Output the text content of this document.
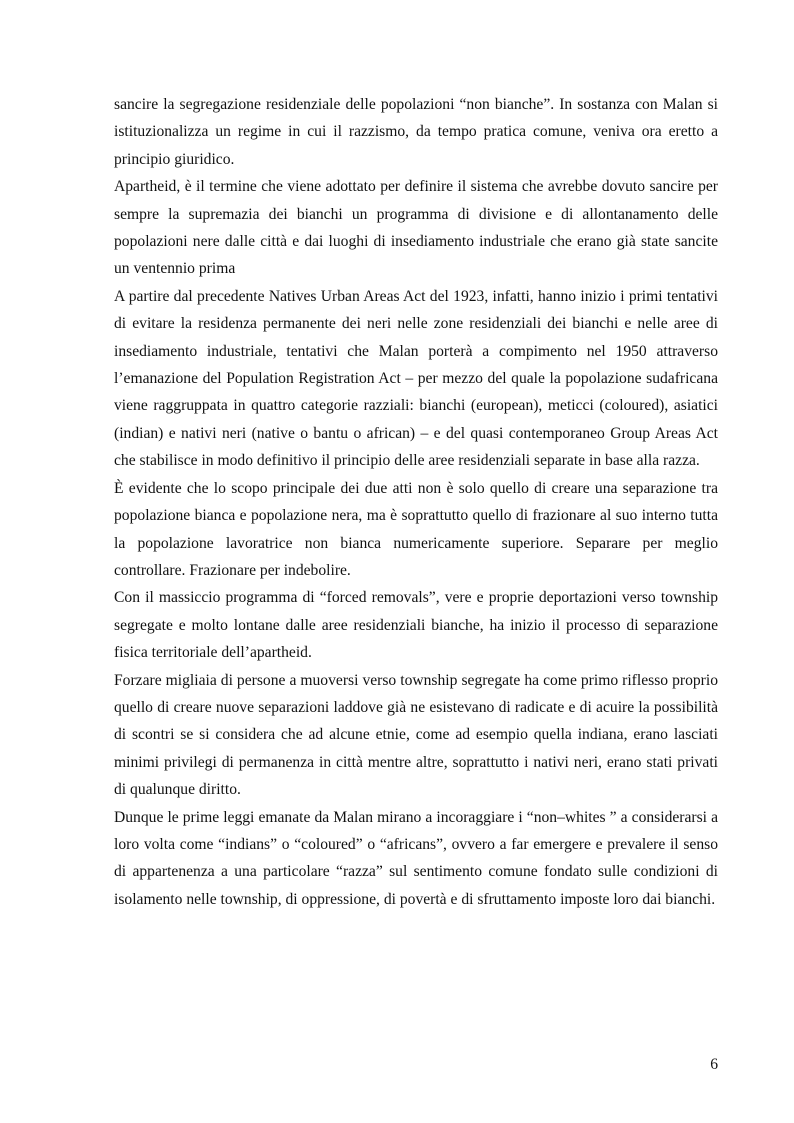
sancire la segregazione residenziale delle popolazioni “non bianche”. In sostanza con Malan si istituzionalizza un regime in cui il razzismo, da tempo pratica comune, veniva ora eretto a principio giuridico.

Apartheid, è il termine che viene adottato per definire il sistema che avrebbe dovuto sancire per sempre la supremazia dei bianchi un programma di divisione e di allontanamento delle popolazioni nere dalle città e dai luoghi di insediamento industriale che erano già state sancite un ventennio prima

A partire dal precedente Natives Urban Areas Act del 1923, infatti, hanno inizio i primi tentativi di evitare la residenza permanente dei neri nelle zone residenziali dei bianchi e nelle aree di insediamento industriale, tentativi che Malan porterà a compimento nel 1950 attraverso l’emanazione del Population Registration Act – per mezzo del quale la popolazione sudafricana viene raggruppata in quattro categorie razziali: bianchi (european), meticci (coloured), asiatici (indian) e nativi neri (native o bantu o african) – e del quasi contemporaneo Group Areas Act che stabilisce in modo definitivo il principio delle aree residenziali separate in base alla razza.

È evidente che lo scopo principale dei due atti non è solo quello di creare una separazione tra popolazione bianca e popolazione nera, ma è soprattutto quello di frazionare al suo interno tutta la popolazione lavoratrice non bianca numericamente superiore. Separare per meglio controllare. Frazionare per indebolire.

Con il massiccio programma di “forced removals”, vere e proprie deportazioni verso township segregate e molto lontane dalle aree residenziali bianche, ha inizio il processo di separazione fisica territoriale dell’apartheid.

Forzare migliaia di persone a muoversi verso township segregate ha come primo riflesso proprio quello di creare nuove separazioni laddove già ne esistevano di radicate e di acuire la possibilità di scontri se si considera che ad alcune etnie, come ad esempio quella indiana, erano lasciati minimi privilegi di permanenza in città mentre altre, soprattutto i nativi neri, erano stati privati di qualunque diritto.

Dunque le prime leggi emanate da Malan mirano a incoraggiare i “non–whites ” a considerarsi a loro volta come “indians” o “coloured” o “africans”, ovvero a far emergere e prevalere il senso di appartenenza a una particolare “razza” sul sentimento comune fondato sulle condizioni di isolamento nelle township, di oppressione, di povertà e di sfruttamento imposte loro dai bianchi.

6
